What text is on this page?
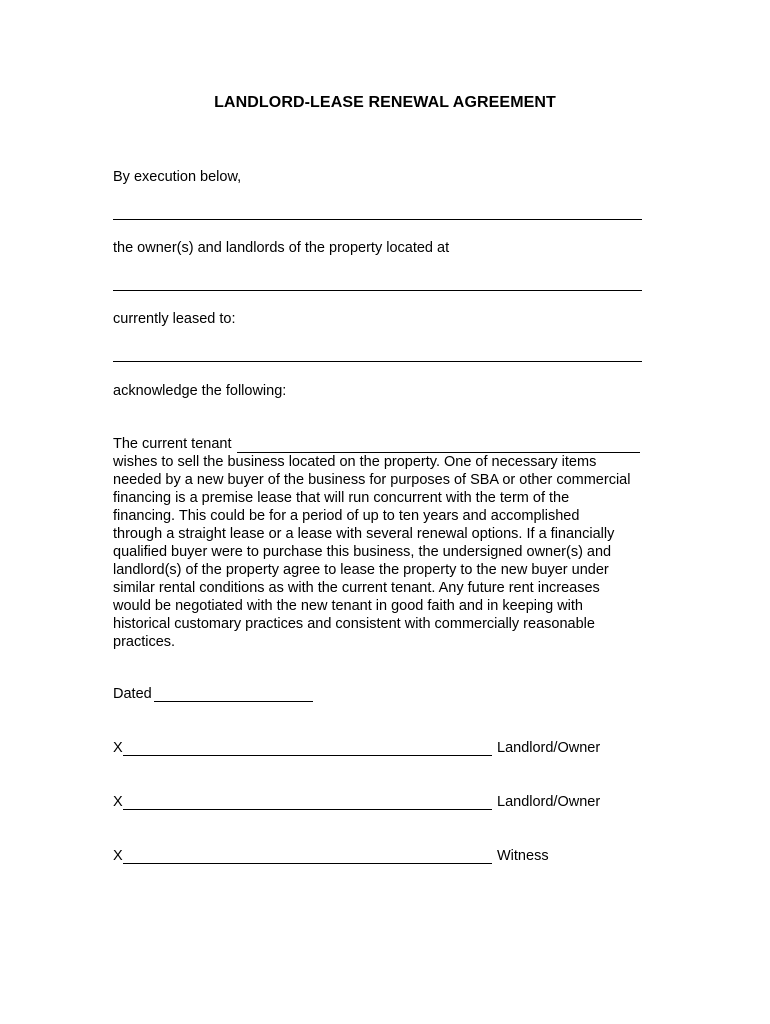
LANDLORD-LEASE RENEWAL AGREEMENT
By execution below,
the owner(s) and landlords of the property located at
currently leased to:
acknowledge the following:
The current tenant
wishes to sell the business located on the property. One of necessary items
needed by a new buyer of the business for purposes of SBA or other commercial
financing is a premise lease that will run concurrent with the term of the
financing. This could be for a period of up to ten years and accomplished
through a straight lease or a lease with several renewal options. If a financially
qualified buyer were to purchase this business, the undersigned owner(s) and
landlord(s) of the property agree to lease the property to the new buyer under
similar rental conditions as with the current tenant. Any future rent increases
would be negotiated with the new tenant in good faith and in keeping with
historical customary practices and consistent with commercially reasonable
practices.
Dated
X	Landlord/Owner
X	Landlord/Owner
X	Witness
